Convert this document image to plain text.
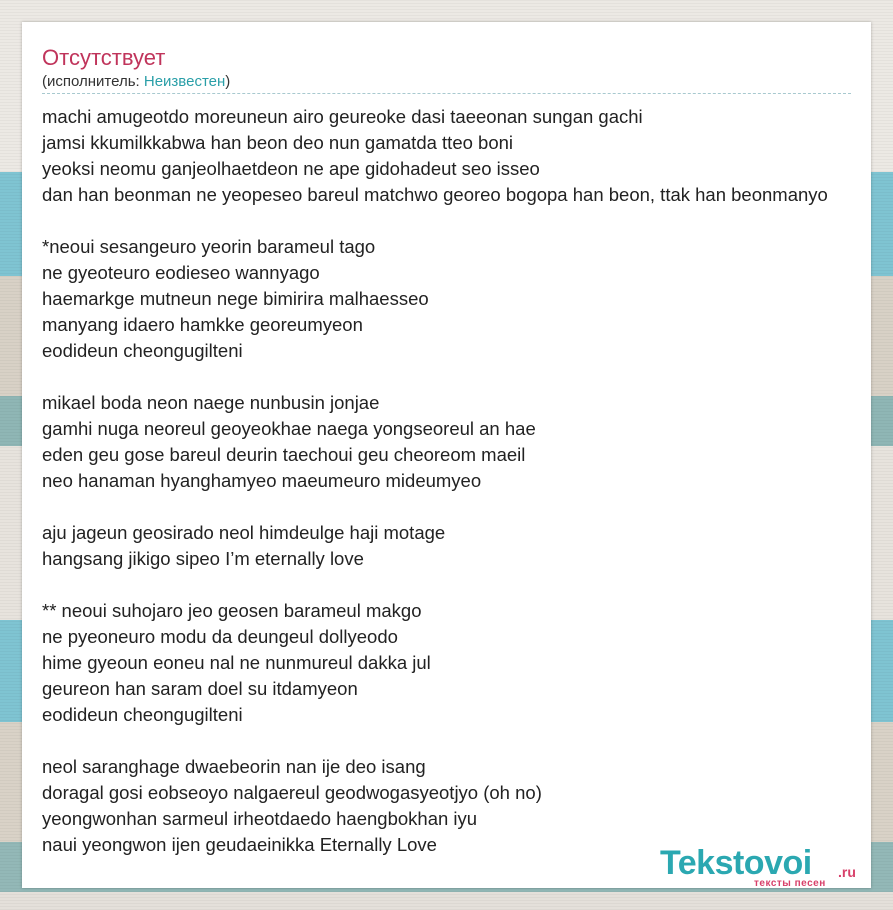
Отсутствует
(исполнитель: Неизвестен)
machi amugeotdo moreuneun airo geureoke dasi taeeonan sungan gachi
jamsi kkumilkkabwa han beon deo nun gamatda tteo boni
yeoksi neomu ganjeolhaetdeon ne ape gidohadeut seo isseo
dan han beonman ne yeopeseo bareul matchwo georeo bogopa han beon, ttak han beonmanyo
*neoui sesangeuro yeorin barameul tago
ne gyeoteuro eodieseo wannyago
haemarkge mutneun nege bimirira malhaesseo
manyang idaero hamkke georeumyeon
eodideun cheongugilteni
mikael boda neon naege nunbusin jonjae
gamhi nuga neoreul geoyeokhae naega yongseoreul an hae
eden geu gose bareul deurin taechoui geu cheoreom maeil
neo hanaman hyanghamyeo maeumeuro mideumyeo
aju jageun geosirado neol himdeulge haji motage
hangsang jikigo sipeo I’m eternally love
** neoui suhojaro jeo geosen barameul makgo
ne pyeoneuro modu da deungeul dollyeodo
hime gyeoun eoneu nal ne nunmureul dakka jul
geureon han saram doel su itdamyeon
eodideun cheongugilteni
neol saranghage dwaebeorin nan ije deo isang
doragal gosi eobseoyo nalgaereul geodwogasyeotjyo (oh no)
yeongwonhan sarmeul irheotdaedo haengbokhan iyu
naui yeongwon ijen geudaeinikka Eternally Love	Tekstovoi .ru
тексты песен
